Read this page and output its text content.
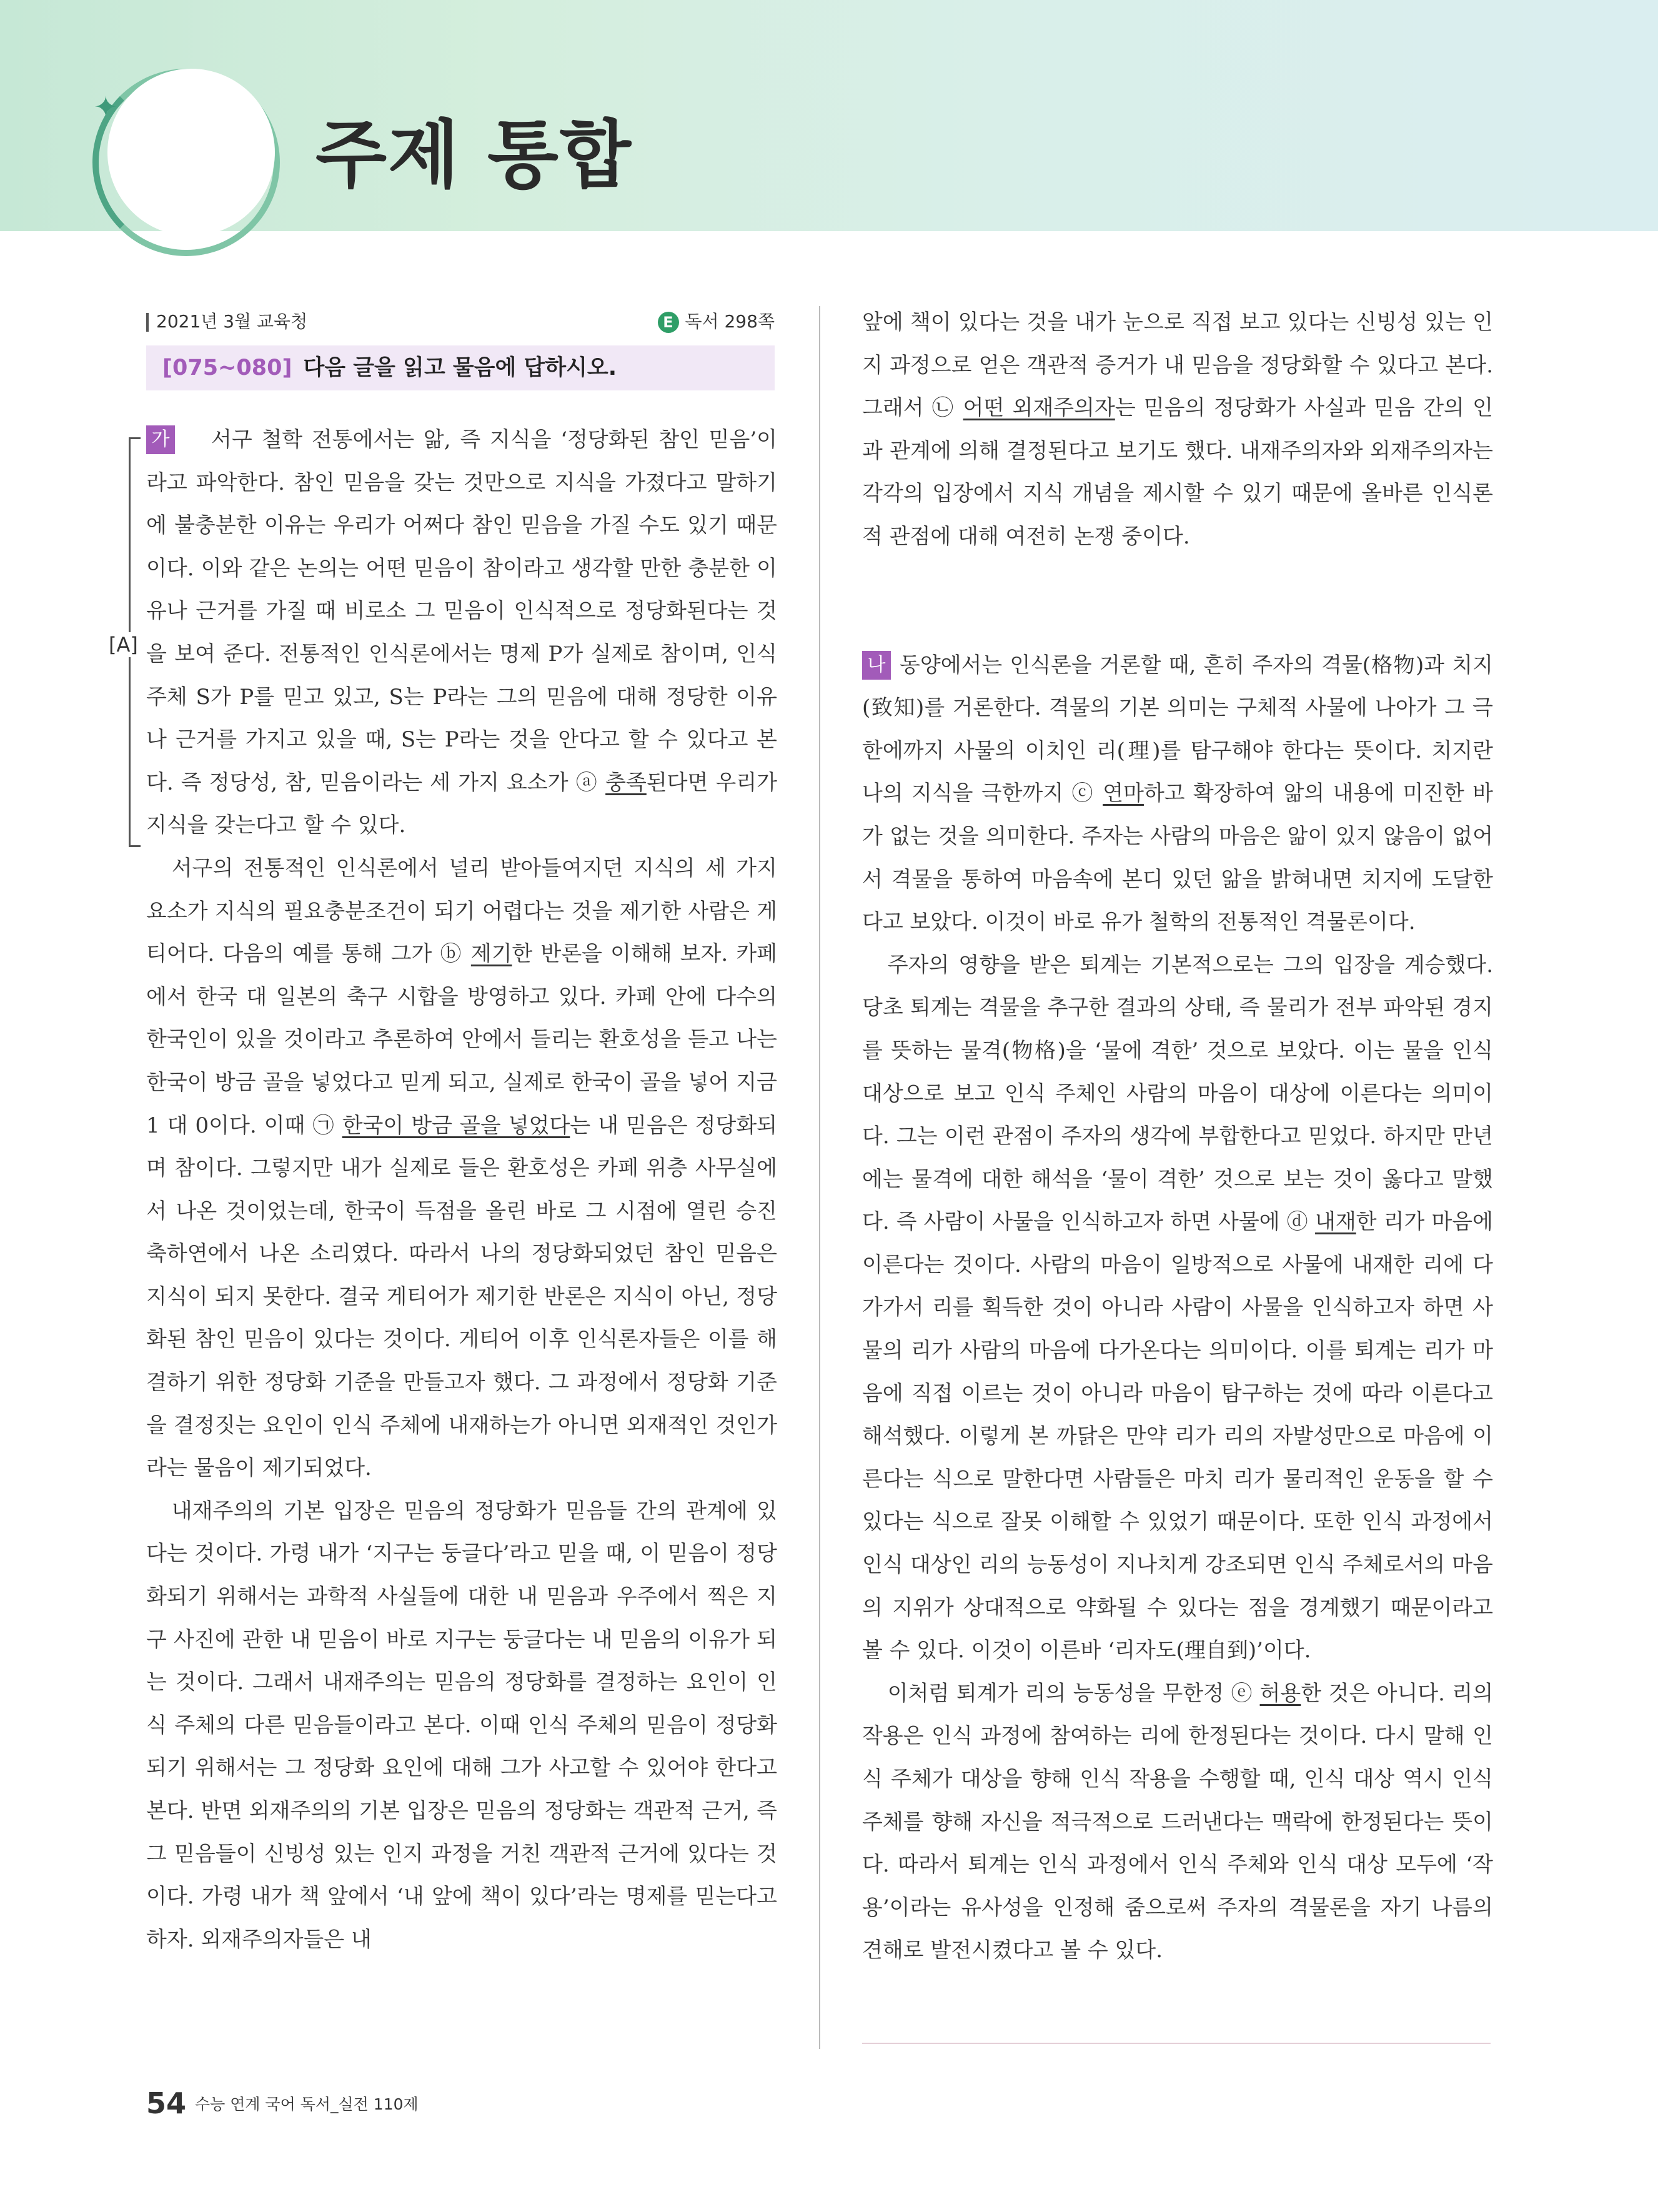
✦
주제 통합
2021년 3월 교육청	E 독서 298쪽
[075~080] 다음 글을 읽고 물음에 답하시오.
[A]

가 서구 철학 전통에서는 앎, 즉 지식을 ‘정당화된 참인 믿음’이라고 파악한다. 참인 믿음을 갖는 것만으로 지식을 가졌다고 말하기에 불충분한 이유는 우리가 어쩌다 참인 믿음을 가질 수도 있기 때문이다. 이와 같은 논의는 어떤 믿음이 참이라고 생각할 만한 충분한 이유나 근거를 가질 때 비로소 그 믿음이 인식적으로 정당화된다는 것을 보여 준다. 전통적인 인식론에서는 명제 P가 실제로 참이며, 인식 주체 S가 P를 믿고 있고, S는 P라는 그의 믿음에 대해 정당한 이유나 근거를 가지고 있을 때, S는 P라는 것을 안다고 할 수 있다고 본다. 즉 정당성, 참, 믿음이라는 세 가지 요소가 ⓐ 충족된다면 우리가 지식을 갖는다고 할 수 있다.

서구의 전통적인 인식론에서 널리 받아들여지던 지식의 세 가지 요소가 지식의 필요충분조건이 되기 어렵다는 것을 제기한 사람은 게티어다. 다음의 예를 통해 그가 ⓑ 제기한 반론을 이해해 보자. 카페에서 한국 대 일본의 축구 시합을 방영하고 있다. 카페 안에 다수의 한국인이 있을 것이라고 추론하여 안에서 들리는 환호성을 듣고 나는 한국이 방금 골을 넣었다고 믿게 되고, 실제로 한국이 골을 넣어 지금 1 대 0이다. 이때 ㉠ 한국이 방금 골을 넣었다는 내 믿음은 정당화되며 참이다. 그렇지만 내가 실제로 들은 환호성은 카페 위층 사무실에서 나온 것이었는데, 한국이 득점을 올린 바로 그 시점에 열린 승진 축하연에서 나온 소리였다. 따라서 나의 정당화되었던 참인 믿음은 지식이 되지 못한다. 결국 게티어가 제기한 반론은 지식이 아닌, 정당화된 참인 믿음이 있다는 것이다. 게티어 이후 인식론자들은 이를 해결하기 위한 정당화 기준을 만들고자 했다. 그 과정에서 정당화 기준을 결정짓는 요인이 인식 주체에 내재하는가 아니면 외재적인 것인가라는 물음이 제기되었다.

내재주의의 기본 입장은 믿음의 정당화가 믿음들 간의 관계에 있다는 것이다. 가령 내가 ‘지구는 둥글다’라고 믿을 때, 이 믿음이 정당화되기 위해서는 과학적 사실들에 대한 내 믿음과 우주에서 찍은 지구 사진에 관한 내 믿음이 바로 지구는 둥글다는 내 믿음의 이유가 되는 것이다. 그래서 내재주의는 믿음의 정당화를 결정하는 요인이 인식 주체의 다른 믿음들이라고 본다. 이때 인식 주체의 믿음이 정당화되기 위해서는 그 정당화 요인에 대해 그가 사고할 수 있어야 한다고 본다. 반면 외재주의의 기본 입장은 믿음의 정당화는 객관적 근거, 즉 그 믿음들이 신빙성 있는 인지 과정을 거친 객관적 근거에 있다는 것이다. 가령 내가 책 앞에서 ‘내 앞에 책이 있다’라는 명제를 믿는다고 하자. 외재주의자들은 내

앞에 책이 있다는 것을 내가 눈으로 직접 보고 있다는 신빙성 있는 인지 과정으로 얻은 객관적 증거가 내 믿음을 정당화할 수 있다고 본다. 그래서 ㉡ 어떤 외재주의자는 믿음의 정당화가 사실과 믿음 간의 인과 관계에 의해 결정된다고 보기도 했다. 내재주의자와 외재주의자는 각각의 입장에서 지식 개념을 제시할 수 있기 때문에 올바른 인식론적 관점에 대해 여전히 논쟁 중이다.

나 동양에서는 인식론을 거론할 때, 흔히 주자의 격물(格物)과 치지(致知)를 거론한다. 격물의 기본 의미는 구체적 사물에 나아가 그 극한에까지 사물의 이치인 리(理)를 탐구해야 한다는 뜻이다. 치지란 나의 지식을 극한까지 ⓒ 연마하고 확장하여 앎의 내용에 미진한 바가 없는 것을 의미한다. 주자는 사람의 마음은 앎이 있지 않음이 없어서 격물을 통하여 마음속에 본디 있던 앎을 밝혀내면 치지에 도달한다고 보았다. 이것이 바로 유가 철학의 전통적인 격물론이다.

주자의 영향을 받은 퇴계는 기본적으로는 그의 입장을 계승했다. 당초 퇴계는 격물을 추구한 결과의 상태, 즉 물리가 전부 파악된 경지를 뜻하는 물격(物格)을 ‘물에 격한’ 것으로 보았다. 이는 물을 인식 대상으로 보고 인식 주체인 사람의 마음이 대상에 이른다는 의미이다. 그는 이런 관점이 주자의 생각에 부합한다고 믿었다. 하지만 만년에는 물격에 대한 해석을 ‘물이 격한’ 것으로 보는 것이 옳다고 말했다. 즉 사람이 사물을 인식하고자 하면 사물에 ⓓ 내재한 리가 마음에 이른다는 것이다. 사람의 마음이 일방적으로 사물에 내재한 리에 다가가서 리를 획득한 것이 아니라 사람이 사물을 인식하고자 하면 사물의 리가 사람의 마음에 다가온다는 의미이다. 이를 퇴계는 리가 마음에 직접 이르는 것이 아니라 마음이 탐구하는 것에 따라 이른다고 해석했다. 이렇게 본 까닭은 만약 리가 리의 자발성만으로 마음에 이른다는 식으로 말한다면 사람들은 마치 리가 물리적인 운동을 할 수 있다는 식으로 잘못 이해할 수 있었기 때문이다. 또한 인식 과정에서 인식 대상인 리의 능동성이 지나치게 강조되면 인식 주체로서의 마음의 지위가 상대적으로 약화될 수 있다는 점을 경계했기 때문이라고 볼 수 있다. 이것이 이른바 ‘리자도(理自到)’이다.

이처럼 퇴계가 리의 능동성을 무한정 ⓔ 허용한 것은 아니다. 리의 작용은 인식 과정에 참여하는 리에 한정된다는 것이다. 다시 말해 인식 주체가 대상을 향해 인식 작용을 수행할 때, 인식 대상 역시 인식 주체를 향해 자신을 적극적으로 드러낸다는 맥락에 한정된다는 뜻이다. 따라서 퇴계는 인식 과정에서 인식 주체와 인식 대상 모두에 ‘작용’이라는 유사성을 인정해 줌으로써 주자의 격물론을 자기 나름의 견해로 발전시켰다고 볼 수 있다.

54 수능 연계 국어 독서_실전 110제
